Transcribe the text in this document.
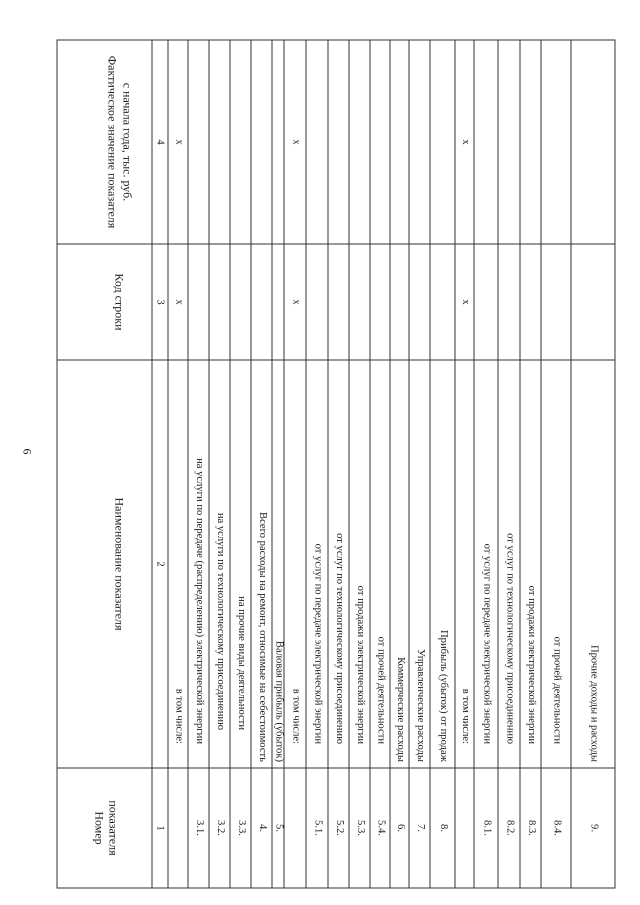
6
Номер показателя
Наименование показателя
Код строки
Фактическое значение показателя с начала года, тыс. руб.
1
2
3
4
в том числе:
x
x
3.1.
на услуги по передаче (распределению) электрической энергии
3.2.
на услуги по технологическому присоединению
3.3.
на прочие виды деятельности
4.
Всего расходы на ремонт, относимые на себестоимость
5.
Валовая прибыль (убыток) в том числе:
x
x
5.1.
от услуг по передаче электрической энергии
5.2.
от услуг по технологическому присоединению
5.3.
от продажи электрической энергии
5.4.
от прочей деятельности
6.
Коммерческие расходы
7.
Управленческие расходы
8.
Прибыль (убыток) от продаж в том числе:
x
x
8.1.
от услуг по передаче электрической энергии
8.2.
от услуг по технологическому присоединению
8.3.
от продажи электрической энергии
8.4.
от прочей деятельности
9.
Прочие доходы и расходы
